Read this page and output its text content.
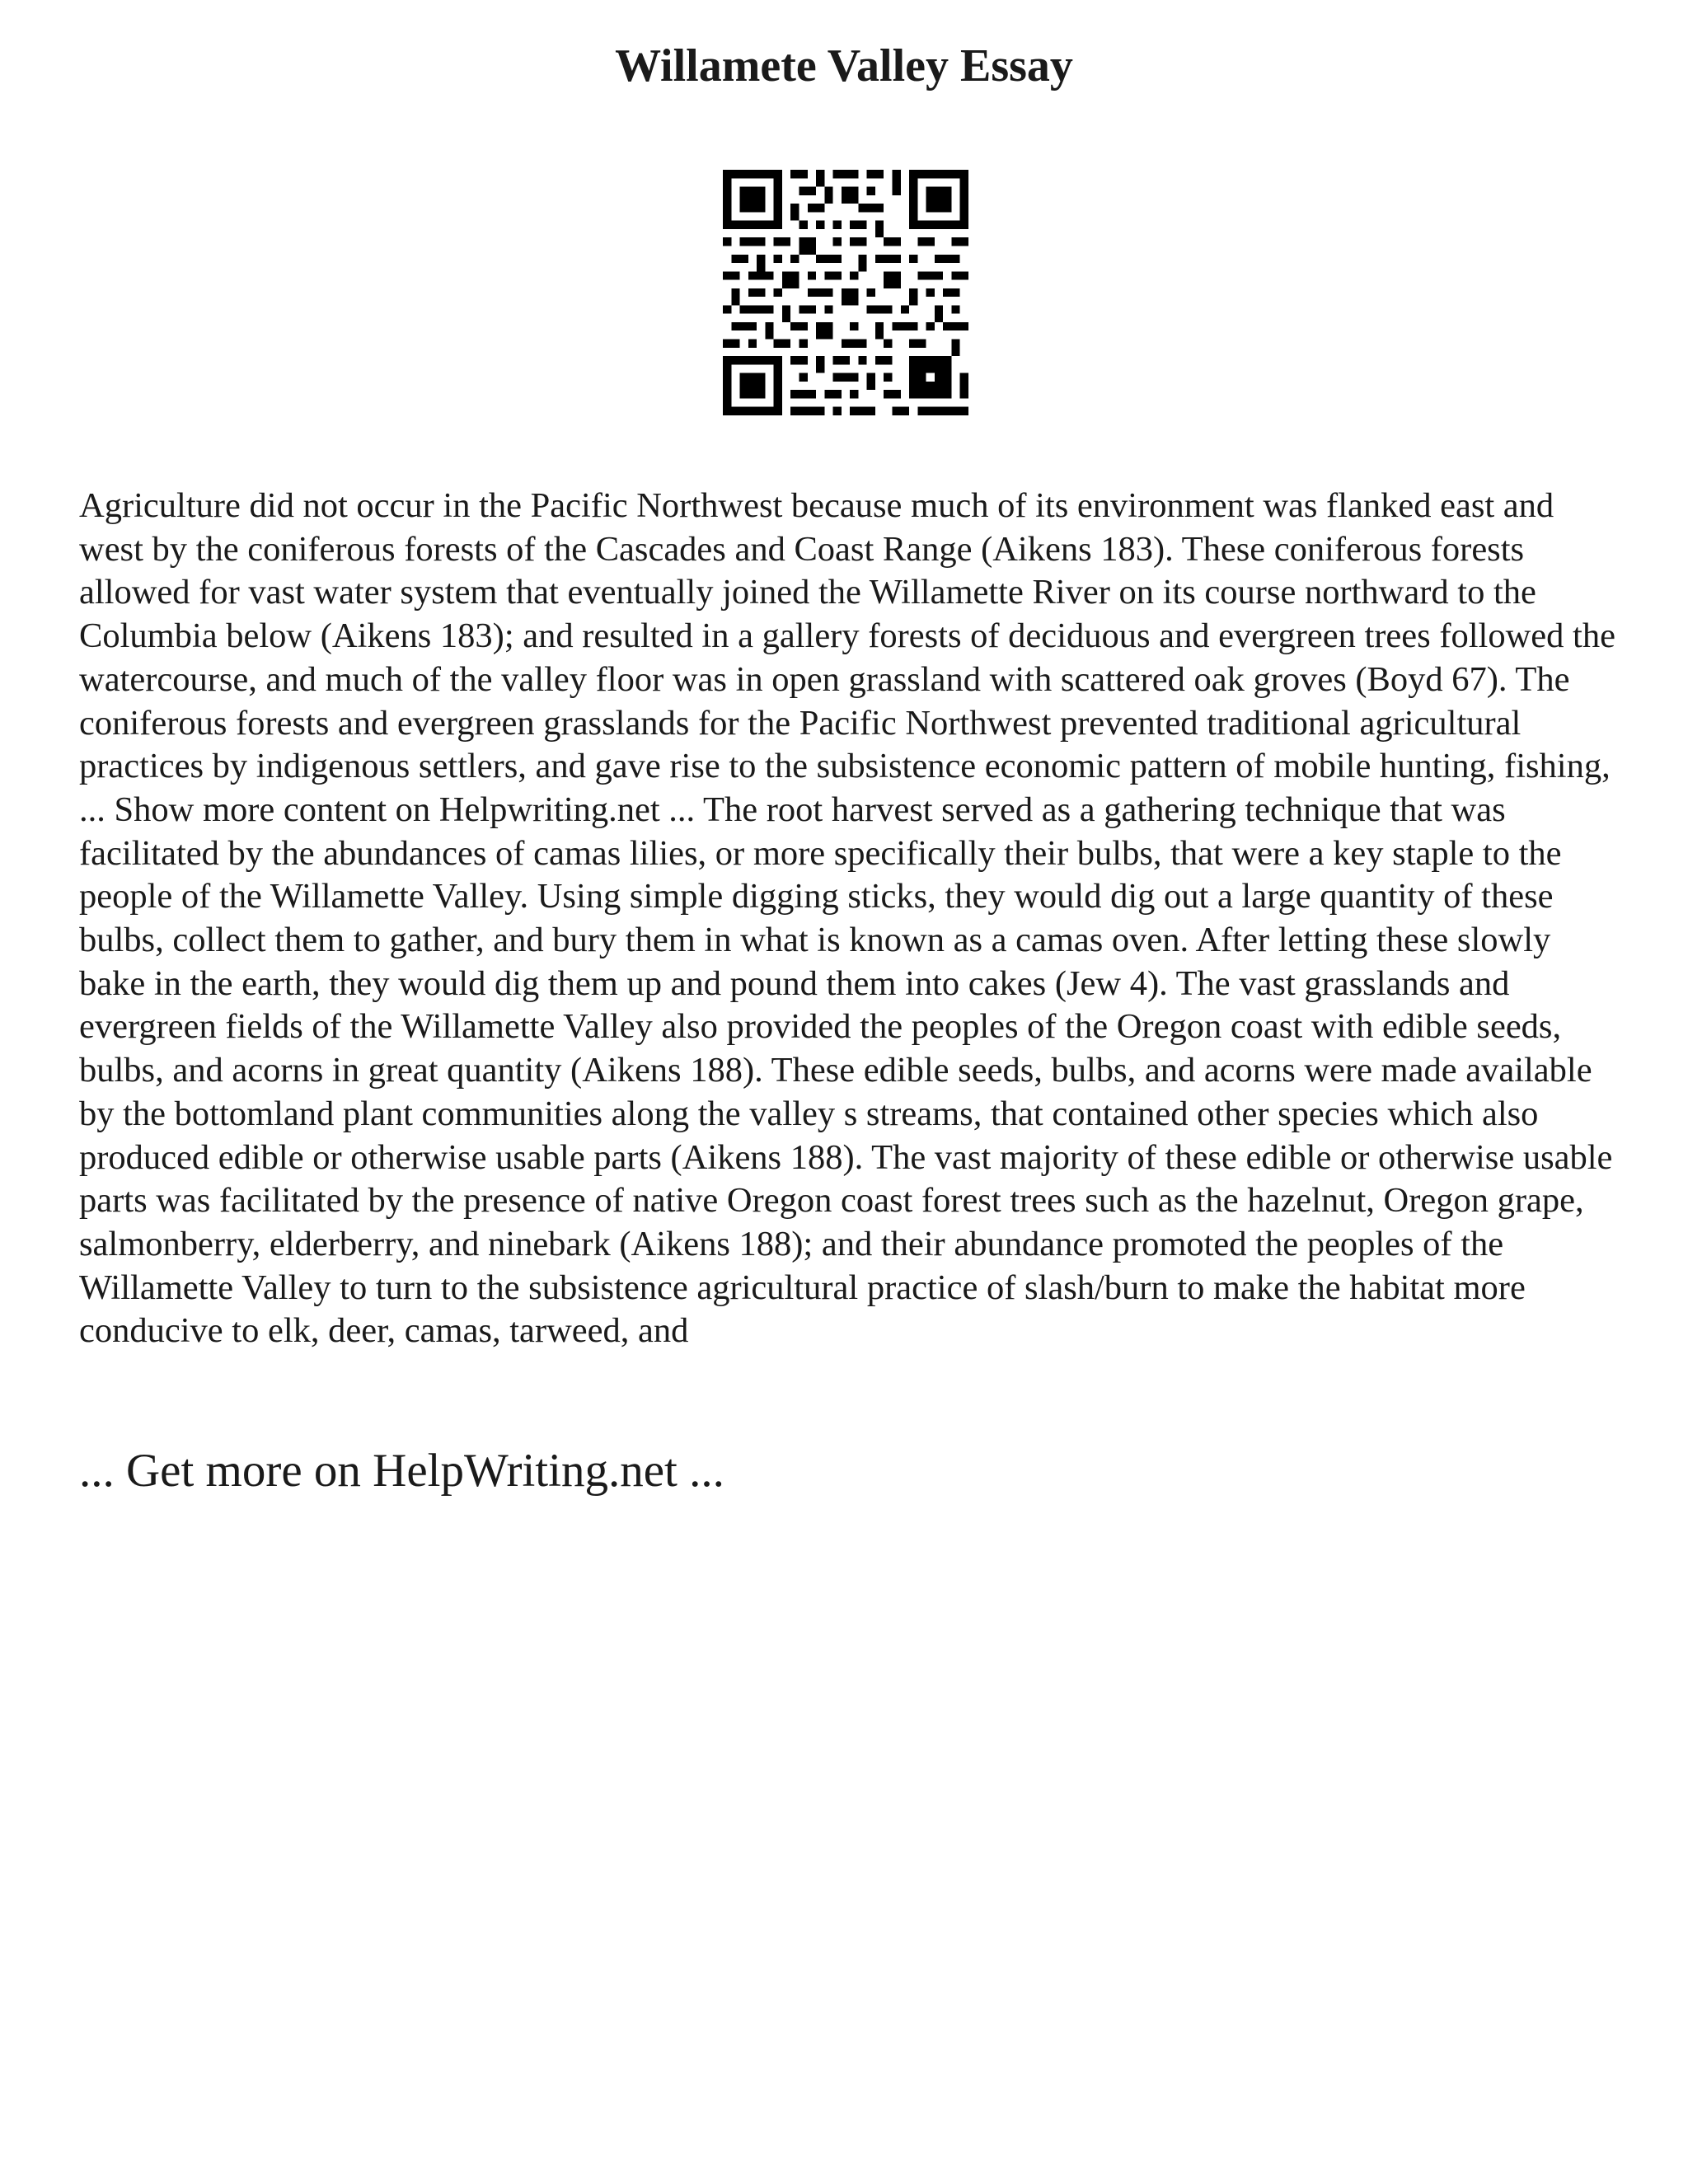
Willamete Valley Essay

Agriculture did not occur in the Pacific Northwest because much of its environment was flanked east and west by the coniferous forests of the Cascades and Coast Range (Aikens 183). These coniferous forests allowed for vast water system that eventually joined the Willamette River on its course northward to the Columbia below (Aikens 183); and resulted in a gallery forests of deciduous and evergreen trees followed the watercourse, and much of the valley floor was in open grassland with scattered oak groves (Boyd 67). The coniferous forests and evergreen grasslands for the Pacific Northwest prevented traditional agricultural practices by indigenous settlers, and gave rise to the subsistence economic pattern of mobile hunting, fishing, ... Show more content on Helpwriting.net ... The root harvest served as a gathering technique that was facilitated by the abundances of camas lilies, or more specifically their bulbs, that were a key staple to the people of the Willamette Valley. Using simple digging sticks, they would dig out a large quantity of these bulbs, collect them to gather, and bury them in what is known as a camas oven. After letting these slowly bake in the earth, they would dig them up and pound them into cakes (Jew 4). The vast grasslands and evergreen fields of the Willamette Valley also provided the peoples of the Oregon coast with edible seeds, bulbs, and acorns in great quantity (Aikens 188). These edible seeds, bulbs, and acorns were made available by the bottomland plant communities along the valley s streams, that contained other species which also produced edible or otherwise usable parts (Aikens 188). The vast majority of these edible or otherwise usable parts was facilitated by the presence of native Oregon coast forest trees such as the hazelnut, Oregon grape, salmonberry, elderberry, and ninebark (Aikens 188); and their abundance promoted the peoples of the Willamette Valley to turn to the subsistence agricultural practice of slash/burn to make the habitat more conducive to elk, deer, camas, tarweed, and

... Get more on HelpWriting.net ...
